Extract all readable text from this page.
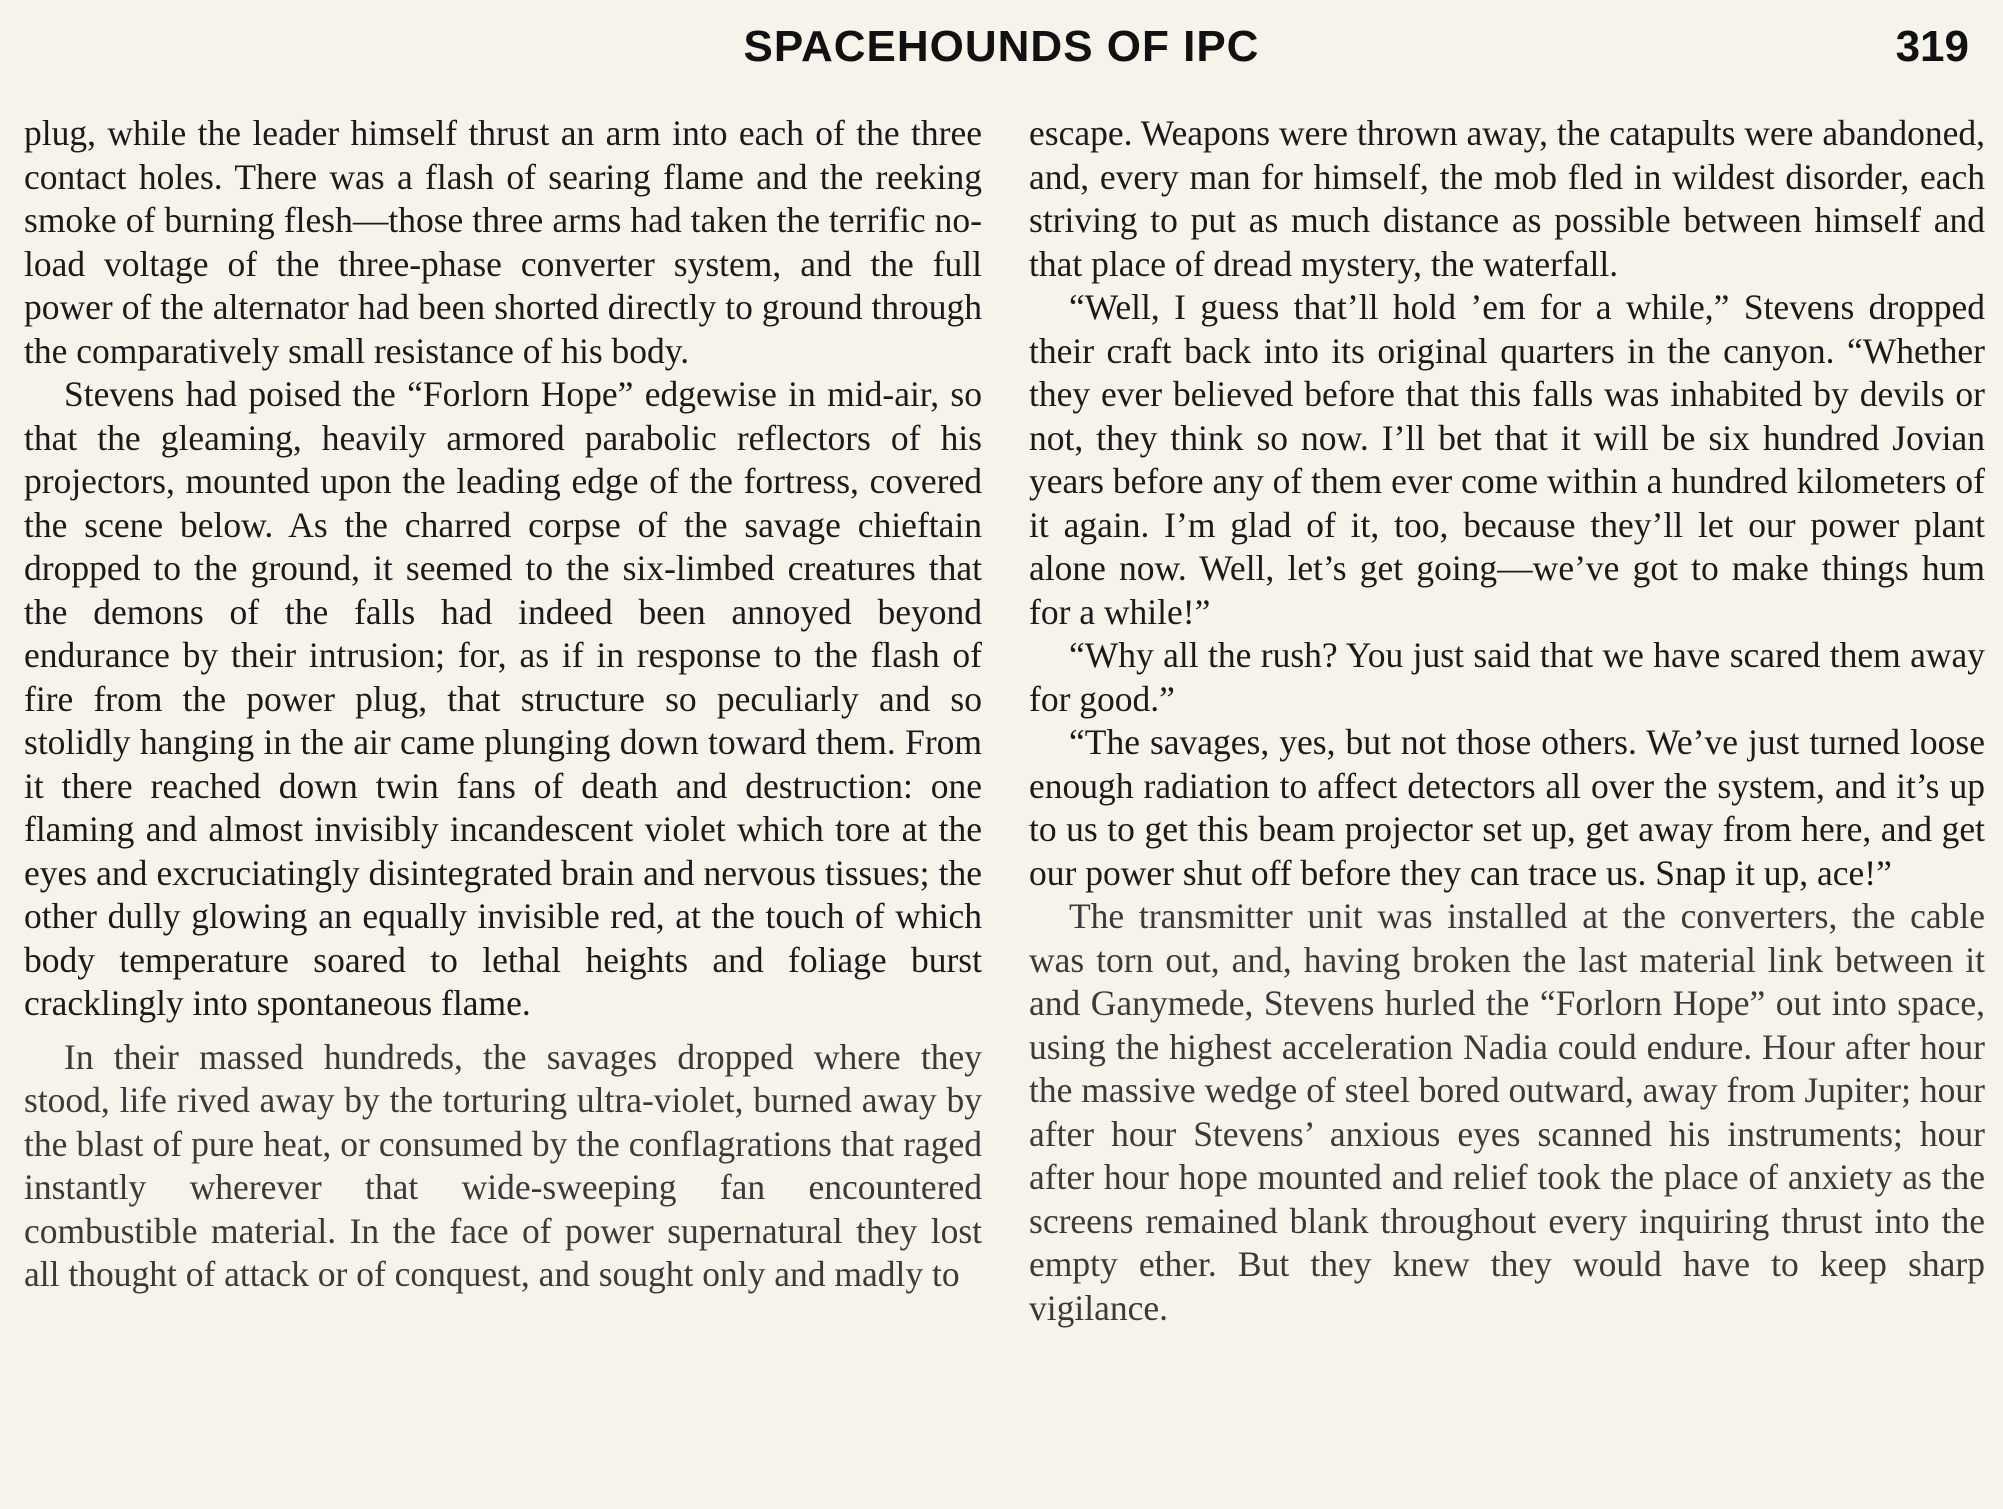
SPACEHOUNDS OF IPC	319

plug, while the leader himself thrust an arm into each of the three contact holes. There was a flash of searing flame and the reeking smoke of burning flesh—those three arms had taken the terrific no-load voltage of the three-phase converter system, and the full power of the alternator had been shorted directly to ground through the comparatively small resistance of his body.

Stevens had poised the “Forlorn Hope” edgewise in mid-air, so that the gleaming, heavily armored parabolic reflectors of his projectors, mounted upon the leading edge of the fortress, covered the scene below. As the charred corpse of the savage chieftain dropped to the ground, it seemed to the six-limbed creatures that the demons of the falls had indeed been annoyed beyond endurance by their intrusion; for, as if in response to the flash of fire from the power plug, that structure so peculiarly and so stolidly hanging in the air came plunging down toward them. From it there reached down twin fans of death and destruction: one flaming and almost invisibly incandescent violet which tore at the eyes and excruciatingly disintegrated brain and nervous tissues; the other dully glowing an equally invisible red, at the touch of which body temperature soared to lethal heights and foliage burst cracklingly into spontaneous flame.

In their massed hundreds, the savages dropped where they stood, life rived away by the torturing ultra-violet, burned away by the blast of pure heat, or consumed by the conflagrations that raged instantly wherever that wide-sweeping fan encountered combustible material. In the face of power supernatural they lost all thought of attack or of conquest, and sought only and madly to

escape. Weapons were thrown away, the catapults were abandoned, and, every man for himself, the mob fled in wildest disorder, each striving to put as much distance as possible between himself and that place of dread mystery, the waterfall.

“Well, I guess that’ll hold ’em for a while,” Stevens dropped their craft back into its original quarters in the canyon. “Whether they ever believed before that this falls was inhabited by devils or not, they think so now. I’ll bet that it will be six hundred Jovian years before any of them ever come within a hundred kilometers of it again. I’m glad of it, too, because they’ll let our power plant alone now. Well, let’s get going—we’ve got to make things hum for a while!”

“Why all the rush? You just said that we have scared them away for good.”

“The savages, yes, but not those others. We’ve just turned loose enough radiation to affect detectors all over the system, and it’s up to us to get this beam projector set up, get away from here, and get our power shut off before they can trace us. Snap it up, ace!”

The transmitter unit was installed at the converters, the cable was torn out, and, having broken the last material link between it and Ganymede, Stevens hurled the “Forlorn Hope” out into space, using the highest acceleration Nadia could endure. Hour after hour the massive wedge of steel bored outward, away from Jupiter; hour after hour Stevens’ anxious eyes scanned his instruments; hour after hour hope mounted and relief took the place of anxiety as the screens remained blank throughout every inquiring thrust into the empty ether. But they knew they would have to keep sharp vigilance.
